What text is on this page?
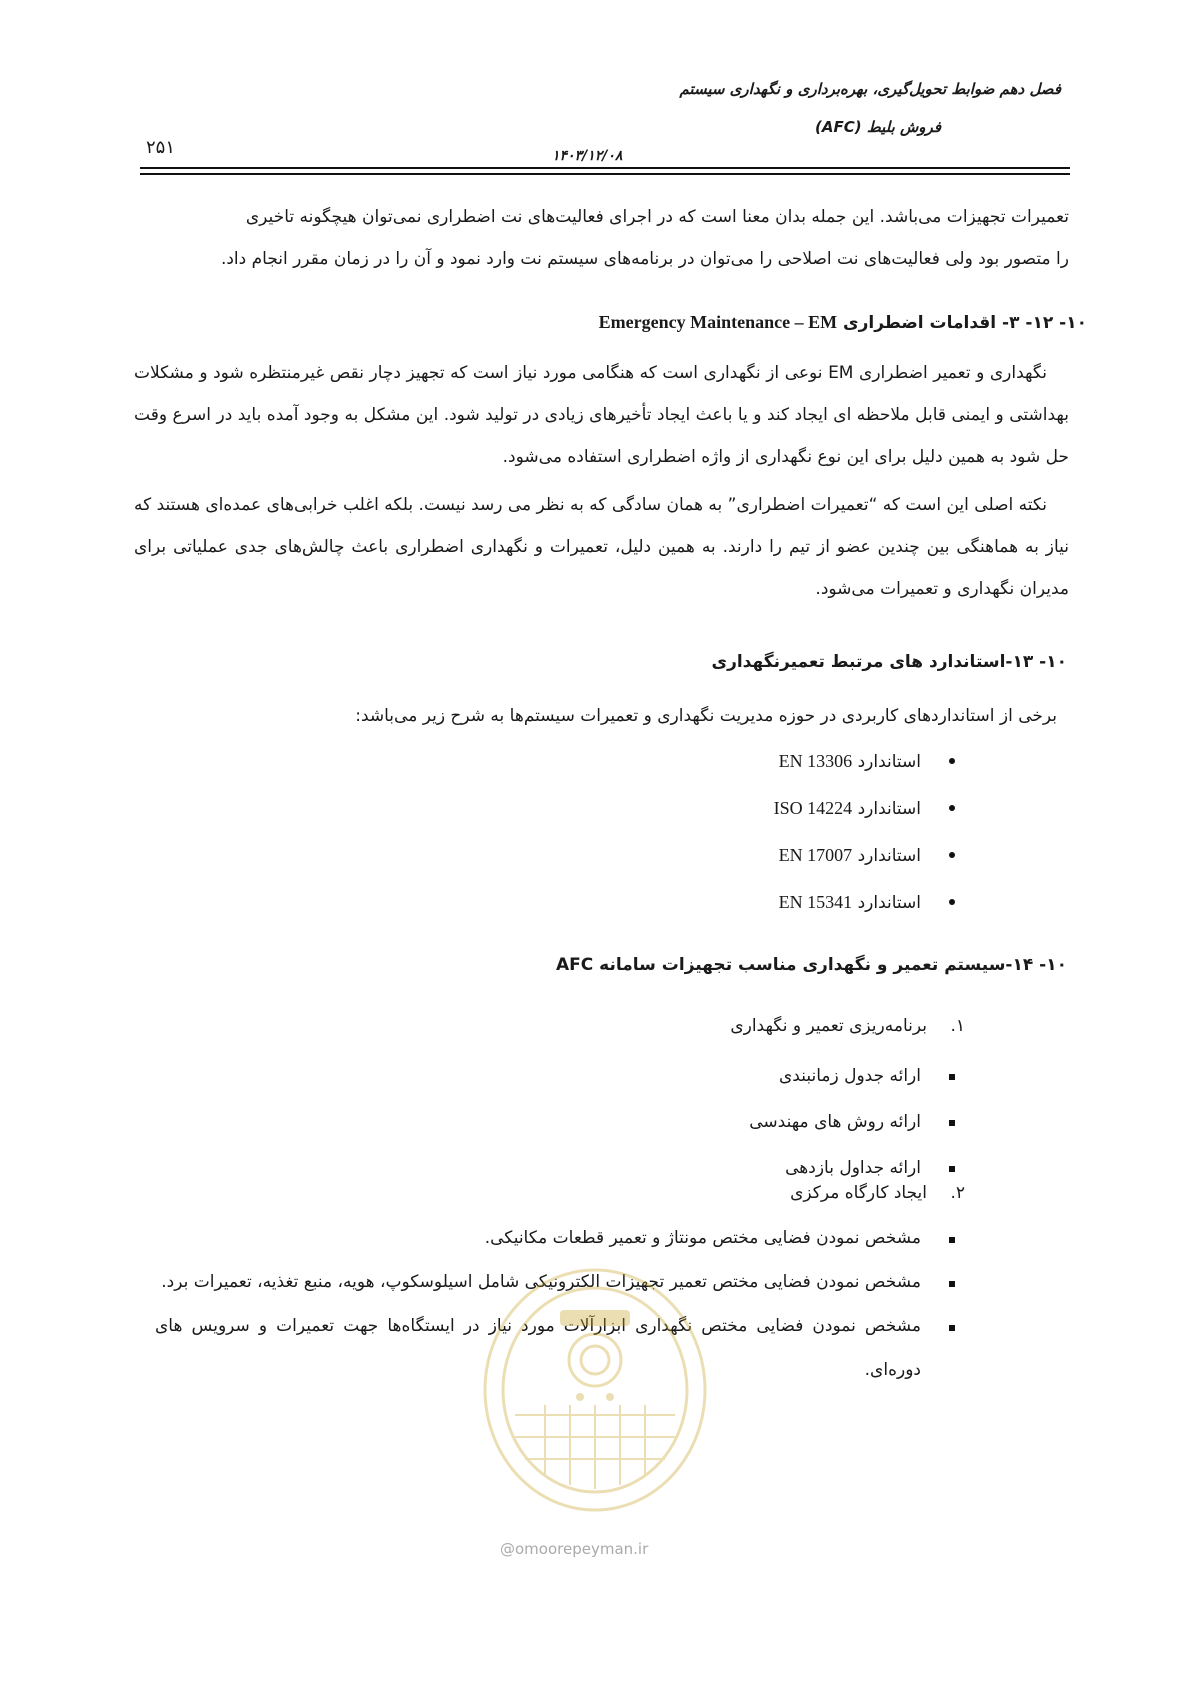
فصل دهم ضوابط تحویل‌گیری، بهره‌برداری و نگهداری سیستم
فروش بلیط (AFC)
۲۵۱	۱۴۰۳/۱۲/۰۸
تعمیرات تجهیزات می‌باشد. این جمله بدان معنا است که در اجرای فعالیت‌های نت اضطراری نمی‌توان هیچگونه تاخیری
را متصور بود ولی فعالیت‌های نت اصلاحی را می‌توان در برنامه‌های سیستم نت وارد نمود و آن را در زمان مقرر انجام داد.
۱۰- ۱۲- ۳- اقدامات اضطراری Emergency Maintenance – EM

نگهداری و تعمیر اضطراری EM نوعی از نگهداری است که هنگامی مورد نیاز است که تجهیز دچار نقص غیرمنتظره شود و مشکلات بهداشتی و ایمنی قابل ملاحظه ای ایجاد کند و یا باعث ایجاد تأخیرهای زیادی در تولید شود. این مشکل به وجود آمده باید در اسرع وقت حل شود به همین دلیل برای این نوع نگهداری از واژه اضطراری استفاده می‌شود.

نکته اصلی این است که “تعمیرات اضطراری” به همان سادگی که به نظر می رسد نیست. بلکه اغلب خرابی‌های عمده‌ای هستند که نیاز به هماهنگی بین چندین عضو از تیم را دارند. به همین دلیل، تعمیرات و نگهداری اضطراری باعث چالش‌های جدی عملیاتی برای مدیران نگهداری و تعمیرات می‌شود.

۱۰- ۱۳-استاندارد های مرتبط تعمیرنگهداری
برخی از استانداردهای کاربردی در حوزه مدیریت نگهداری و تعمیرات سیستم‌ها به شرح زیر می‌باشد:
استاندارد EN 13306
استاندارد ISO 14224
استاندارد EN 17007
استاندارد EN 15341
۱۰- ۱۴-سیستم تعمیر و نگهداری مناسب تجهیزات سامانه AFC
۱.
برنامه‌ریزی تعمیر و نگهداری
ارائه جدول زمانبندی
ارائه روش های مهندسی
ارائه جداول بازدهی
۲.
ایجاد کارگاه مرکزی
مشخص نمودن فضایی مختص مونتاژ و تعمیر قطعات مکانیکی.
مشخص نمودن فضایی مختص تعمیر تجهیزات الکترونیکی شامل اسیلوسکوپ، هویه، منبع تغذیه، تعمیرات برد.
مشخص نمودن فضایی مختص نگهداری ابزارآلات مورد نیاز در ایستگاه‌ها جهت تعمیرات و سرویس های دوره‌ای.
@omoorepeyman.ir
